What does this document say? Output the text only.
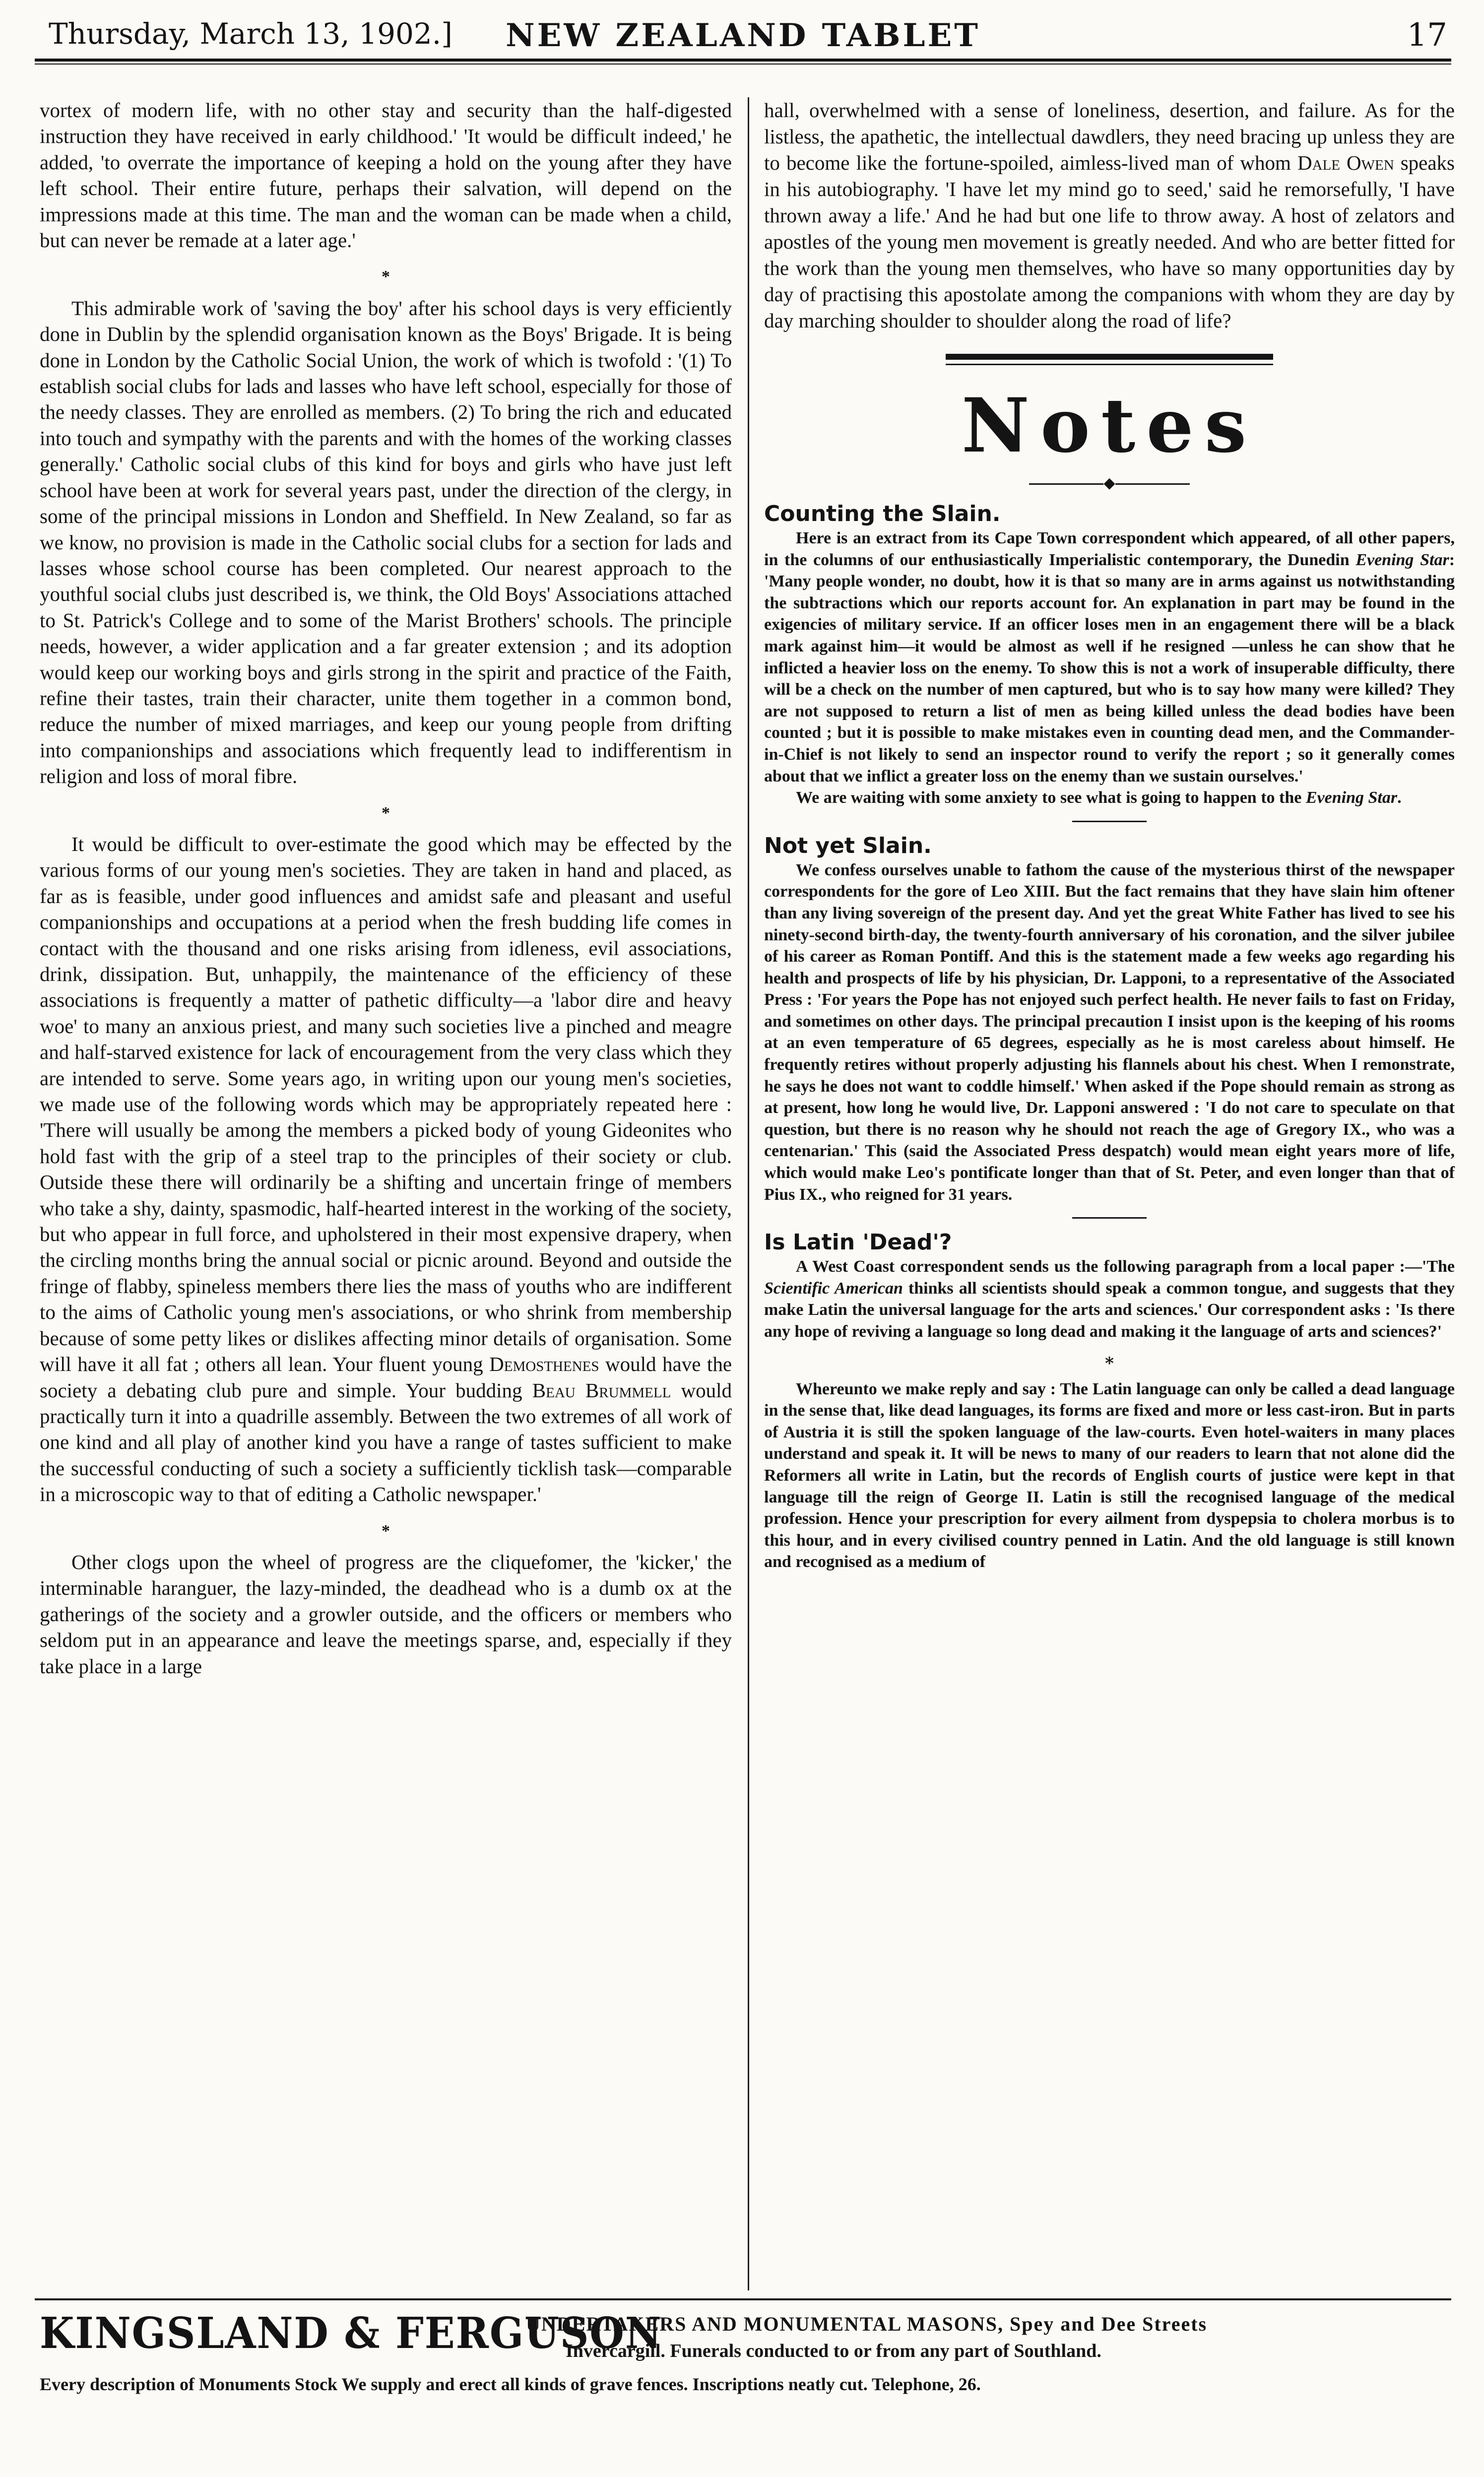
Thursday, March 13, 1902.]	NEW ZEALAND TABLET	17

vortex of modern life, with no other stay and security than the half-digested instruction they have received in early childhood.' 'It would be difficult indeed,' he added, 'to overrate the importance of keeping a hold on the young after they have left school. Their entire future, perhaps their salvation, will depend on the impressions made at this time. The man and the woman can be made when a child, but can never be remade at a later age.'

*

This admirable work of 'saving the boy' after his school days is very efficiently done in Dublin by the splendid organisation known as the Boys' Brigade. It is being done in London by the Catholic Social Union, the work of which is twofold : '(1) To establish social clubs for lads and lasses who have left school, especially for those of the needy classes. They are enrolled as members. (2) To bring the rich and educated into touch and sympathy with the parents and with the homes of the working classes generally.' Catholic social clubs of this kind for boys and girls who have just left school have been at work for several years past, under the direction of the clergy, in some of the principal missions in London and Sheffield. In New Zealand, so far as we know, no provision is made in the Catholic social clubs for a section for lads and lasses whose school course has been completed. Our nearest approach to the youthful social clubs just described is, we think, the Old Boys' Associations attached to St. Patrick's College and to some of the Marist Brothers' schools. The principle needs, however, a wider application and a far greater extension ; and its adoption would keep our working boys and girls strong in the spirit and practice of the Faith, refine their tastes, train their character, unite them together in a common bond, reduce the number of mixed marriages, and keep our young people from drifting into companionships and associations which frequently lead to indifferentism in religion and loss of moral fibre.

*

It would be difficult to over-estimate the good which may be effected by the various forms of our young men's societies. They are taken in hand and placed, as far as is feasible, under good influences and amidst safe and pleasant and useful companionships and occupations at a period when the fresh budding life comes in contact with the thousand and one risks arising from idleness, evil associations, drink, dissipation. But, unhappily, the maintenance of the efficiency of these associations is frequently a matter of pathetic difficulty—a 'labor dire and heavy woe' to many an anxious priest, and many such societies live a pinched and meagre and half-starved existence for lack of encouragement from the very class which they are intended to serve. Some years ago, in writing upon our young men's societies, we made use of the following words which may be appropriately repeated here : 'There will usually be among the members a picked body of young Gideonites who hold fast with the grip of a steel trap to the principles of their society or club. Outside these there will ordinarily be a shifting and uncertain fringe of members who take a shy, dainty, spasmodic, half-hearted interest in the working of the society, but who appear in full force, and upholstered in their most expensive drapery, when the circling months bring the annual social or picnic around. Beyond and outside the fringe of flabby, spineless members there lies the mass of youths who are indifferent to the aims of Catholic young men's associations, or who shrink from membership because of some petty likes or dislikes affecting minor details of organisation. Some will have it all fat ; others all lean. Your fluent young Demosthenes would have the society a debating club pure and simple. Your budding Beau Brummell would practically turn it into a quadrille assembly. Between the two extremes of all work of one kind and all play of another kind you have a range of tastes sufficient to make the successful conducting of such a society a sufficiently ticklish task—comparable in a microscopic way to that of editing a Catholic newspaper.'

*

Other clogs upon the wheel of progress are the cliquefomer, the 'kicker,' the interminable haranguer, the lazy-minded, the deadhead who is a dumb ox at the gatherings of the society and a growler outside, and the officers or members who seldom put in an appearance and leave the meetings sparse, and, especially if they take place in a large

hall, overwhelmed with a sense of loneliness, desertion, and failure. As for the listless, the apathetic, the intellectual dawdlers, they need bracing up unless they are to become like the fortune-spoiled, aimless-lived man of whom Dale Owen speaks in his autobiography. 'I have let my mind go to seed,' said he remorsefully, 'I have thrown away a life.' And he had but one life to throw away. A host of zelators and apostles of the young men movement is greatly needed. And who are better fitted for the work than the young men themselves, who have so many opportunities day by day of practising this apostolate among the companions with whom they are day by day marching shoulder to shoulder along the road of life?

Notes
◆
Counting the Slain.

Here is an extract from its Cape Town correspondent which appeared, of all other papers, in the columns of our enthusiastically Imperialistic contemporary, the Dunedin Evening Star: 'Many people wonder, no doubt, how it is that so many are in arms against us notwithstanding the subtractions which our reports account for. An explanation in part may be found in the exigencies of military service. If an officer loses men in an engagement there will be a black mark against him—it would be almost as well if he resigned —unless he can show that he inflicted a heavier loss on the enemy. To show this is not a work of insuperable difficulty, there will be a check on the number of men captured, but who is to say how many were killed? They are not supposed to return a list of men as being killed unless the dead bodies have been counted ; but it is possible to make mistakes even in counting dead men, and the Commander-in-Chief is not likely to send an inspector round to verify the report ; so it generally comes about that we inflict a greater loss on the enemy than we sustain ourselves.'

We are waiting with some anxiety to see what is going to happen to the Evening Star.

Not yet Slain.

We confess ourselves unable to fathom the cause of the mysterious thirst of the newspaper correspondents for the gore of Leo XIII. But the fact remains that they have slain him oftener than any living sovereign of the present day. And yet the great White Father has lived to see his ninety-second birth-day, the twenty-fourth anniversary of his coronation, and the silver jubilee of his career as Roman Pontiff. And this is the statement made a few weeks ago regarding his health and prospects of life by his physician, Dr. Lapponi, to a representative of the Associated Press : 'For years the Pope has not enjoyed such perfect health. He never fails to fast on Friday, and sometimes on other days. The principal precaution I insist upon is the keeping of his rooms at an even temperature of 65 degrees, especially as he is most careless about himself. He frequently retires without properly adjusting his flannels about his chest. When I remonstrate, he says he does not want to coddle himself.' When asked if the Pope should remain as strong as at present, how long he would live, Dr. Lapponi answered : 'I do not care to speculate on that question, but there is no reason why he should not reach the age of Gregory IX., who was a centenarian.' This (said the Associated Press despatch) would mean eight years more of life, which would make Leo's pontificate longer than that of St. Peter, and even longer than that of Pius IX., who reigned for 31 years.

Is Latin 'Dead'?

A West Coast correspondent sends us the following paragraph from a local paper :—'The Scientific American thinks all scientists should speak a common tongue, and suggests that they make Latin the universal language for the arts and sciences.' Our correspondent asks : 'Is there any hope of reviving a language so long dead and making it the language of arts and sciences?'

*

Whereunto we make reply and say : The Latin language can only be called a dead language in the sense that, like dead languages, its forms are fixed and more or less cast-iron. But in parts of Austria it is still the spoken language of the law-courts. Even hotel-waiters in many places understand and speak it. It will be news to many of our readers to learn that not alone did the Reformers all write in Latin, but the records of English courts of justice were kept in that language till the reign of George II. Latin is still the recognised language of the medical profession. Hence your prescription for every ailment from dyspepsia to cholera morbus is to this hour, and in every civilised country penned in Latin. And the old language is still known and recognised as a medium of

KINGSLAND & FERGUSON
UNDERTAKERS AND MONUMENTAL MASONS, Spey and Dee Streets
Invercargill. Funerals conducted to or from any part of Southland.
Every description of Monuments Stock We supply and erect all kinds of grave fences. Inscriptions neatly cut. Telephone, 26.
